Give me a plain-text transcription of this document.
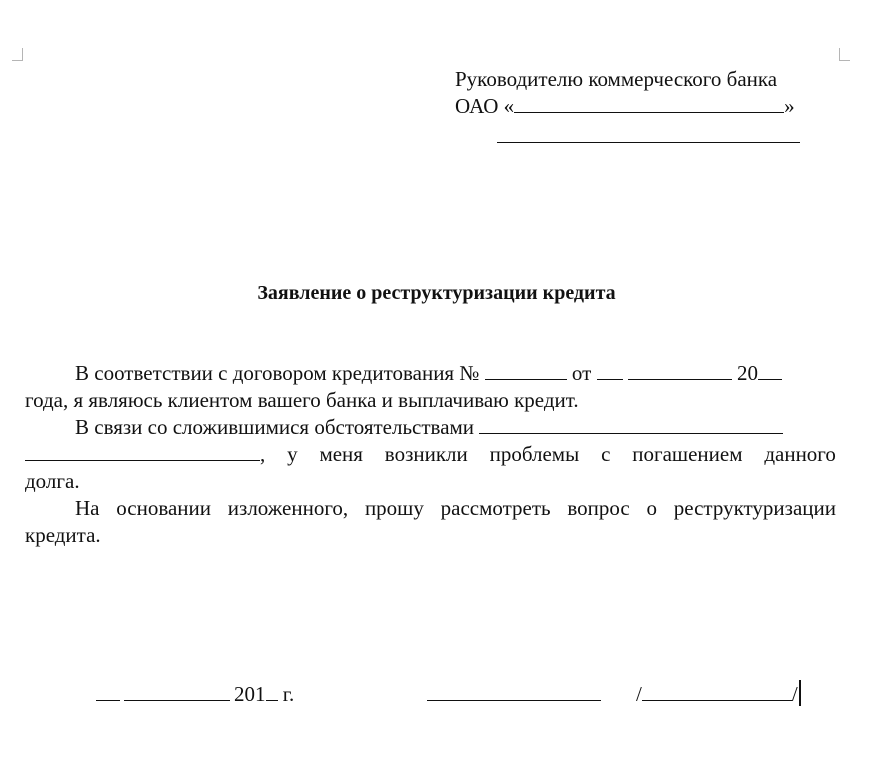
Руководителю коммерческого банка
ОАО «	»
Заявление о реструктуризации кредита
В соответствии с договором кредитования №	от	20
года, я являюсь клиентом вашего банка и выплачиваю кредит.
В связи со сложившимися обстоятельствами
, у меня возникли проблемы с погашением данного
долга.
На основании изложенного, прошу рассмотреть вопрос о реструктуризации
кредита.
201 г.	/	/
